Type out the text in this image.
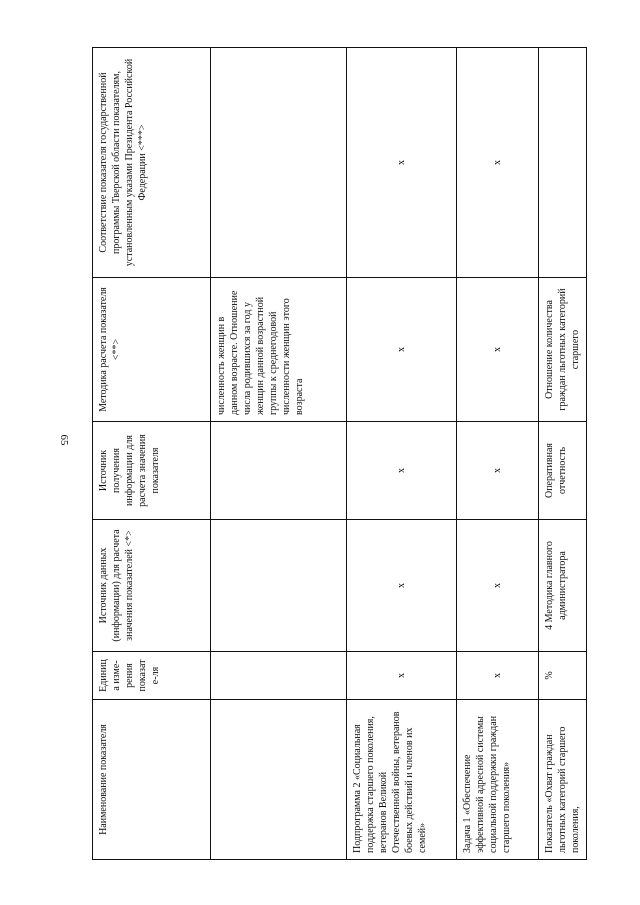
65
Наименование показателя	Единица изме-рения показате-ля	Источник данных (информации) для расчета значения показателей <*>	Источник получения информации для расчета значения показателя	Методика расчета показателя <**>	Соответствие показателя государственной программы Тверской области показателям, установленным указами Президента Российской Федерации <***>
				численность женщин в данном возрасте. Отношение числа родившихся за год у женщин данной возрастной группы к среднегодовой численности женщин этого возраста	
Подпрограмма 2 «Социальная поддержка старшего поколения, ветеранов Великой Отечественной войны, ветеранов боевых действий и членов их семей»	x	x	x	x	x
Задача 1 «Обеспечение эффективной адресной системы социальной поддержки граждан старшего поколения»	x	x	x	x	x
Показатель «Охват граждан льготных категорий старшего поколения,	%	4 Методика главного администратора	Оперативная отчетность	Отношение количества граждан льготных категорий старшего	
